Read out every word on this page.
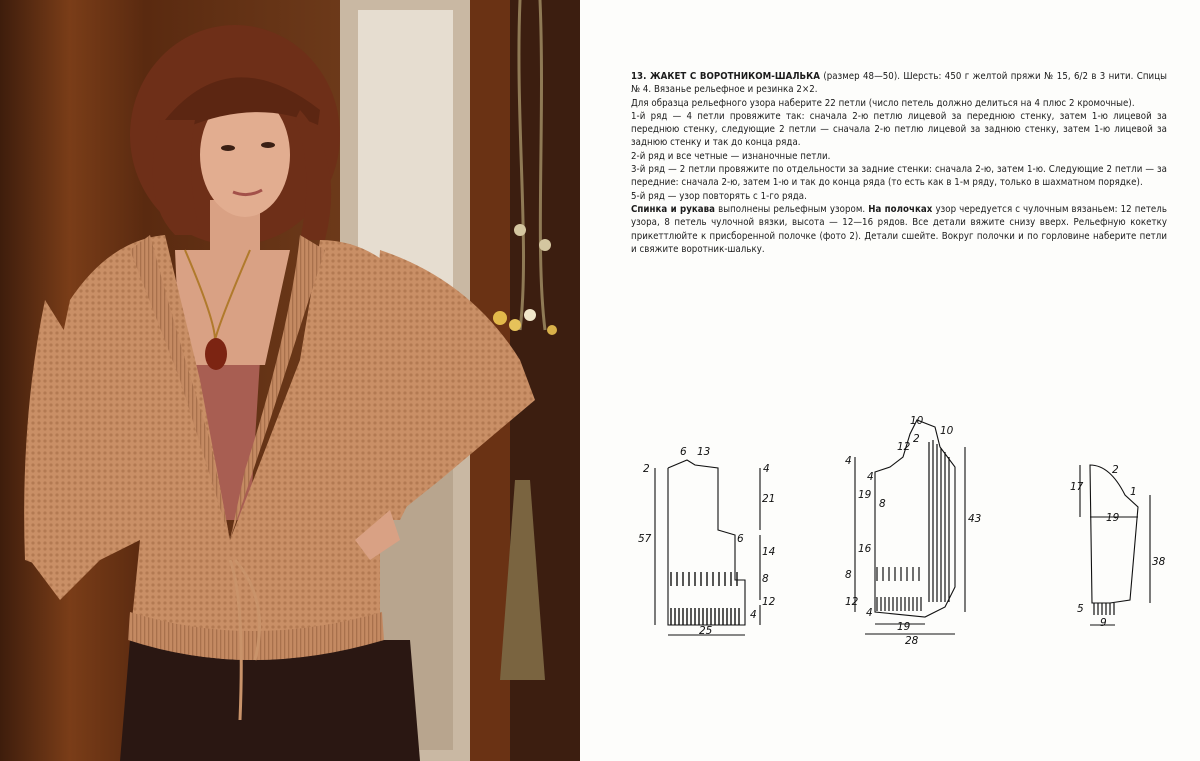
13. ЖАКЕТ С ВОРОТНИКОМ-ШАЛЬКА (размер 48—50). Шерсть: 450 г желтой пряжи № 15, 6/2 в 3 нити. Спицы № 4. Вязанье рельефное и резинка 2×2.

Для образца рельефного узора наберите 22 петли (число петель должно делиться на 4 плюс 2 кромочные).

1-й ряд — 4 петли провяжите так: сначала 2-ю петлю лицевой за переднюю стенку, затем 1-ю лицевой за переднюю стенку, следующие 2 петли — сначала 2-ю петлю лицевой за заднюю стенку, затем 1-ю лицевой за заднюю стенку и так до конца ряда.

2-й ряд и все четные — изнаночные петли.

3-й ряд — 2 петли провяжите по отдельности за задние стенки: сначала 2-ю, затем 1-ю. Следующие 2 петли — за передние: сначала 2-ю, затем 1-ю и так до конца ряда (то есть как в 1-м ряду, только в шахматном порядке).

5-й ряд — узор повторять с 1-го ряда.

Спинка и рукава выполнены рельефным узором. На полочках узор чередуется с чулочным вязаньем: 12 петель узора, 8 петель чулочной вязки, высота — 12—16 рядов. Все детали вяжите снизу вверх. Рельефную кокетку прикеттлюйте к присборенной полочке (фото 2). Детали сшейте. Вокруг полочки и по горловине наберите петли и свяжите воротник-шальку.

6 13
2	4
21
57	6
14
8
12
4
25
10
10
2
12
4
4
19
43
8
16
8
12
4
19
28
2
1
17
19
38
5
9
